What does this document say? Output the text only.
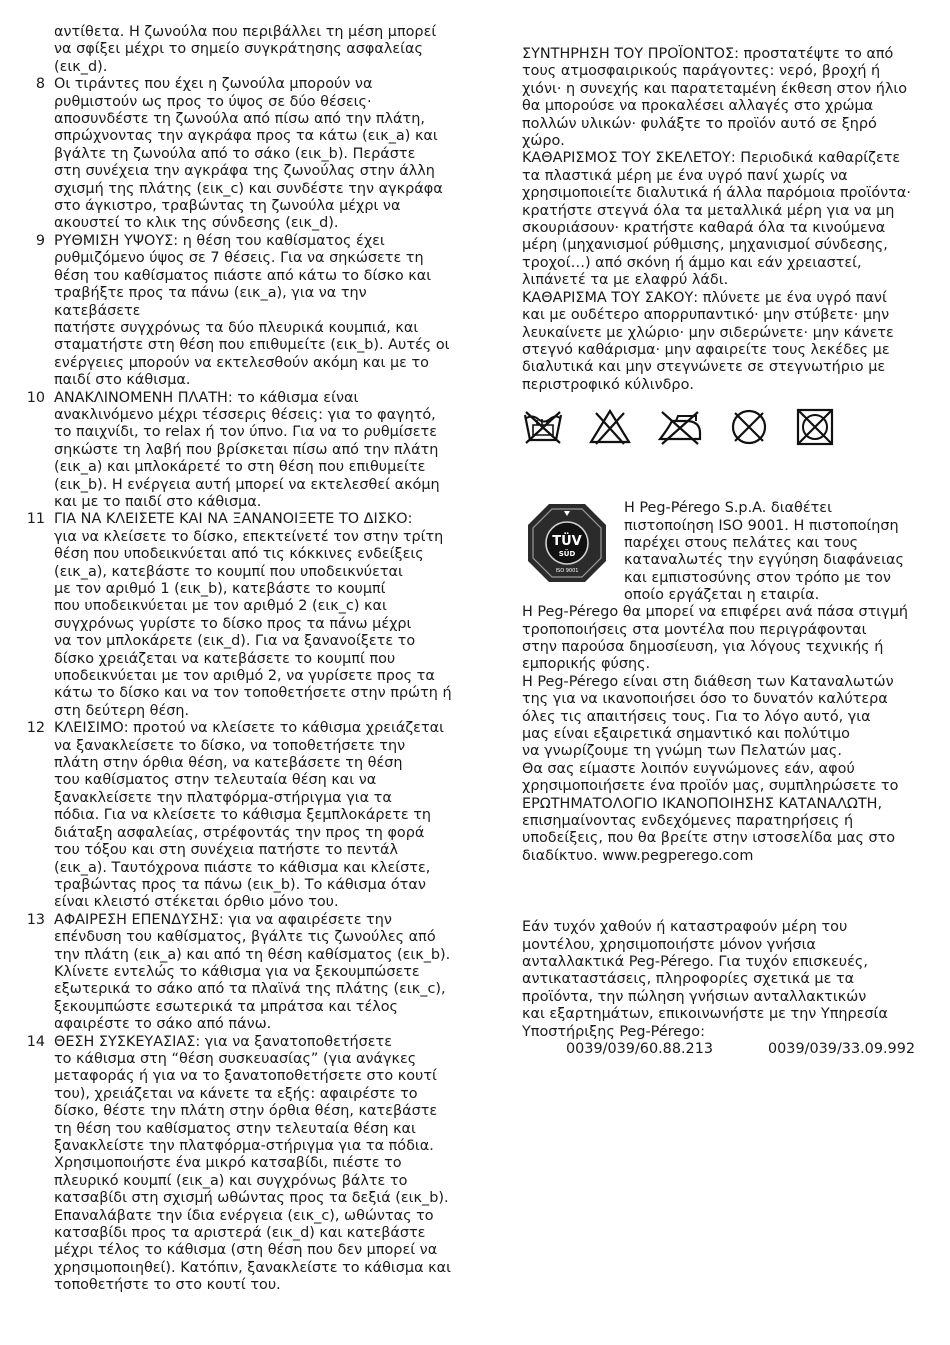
αντίθετα. Η ζωνούλα που περιβάλλει τη μέση μπορεί
να σφίξει μέχρι το σημείο συγκράτησης ασφαλείας
(εικ_d).
8 Οι τιράντες που έχει η ζωνούλα μπορούν να
ρυθμιστούν ως προς το ύψος σε δύο θέσεις·
αποσυνδέστε τη ζωνούλα από πίσω από την πλάτη,
σπρώχνοντας την αγκράφα προς τα κάτω (εικ_a) και
βγάλτε τη ζωνούλα από το σάκο (εικ_b). Περάστε
στη συνέχεια την αγκράφα της ζωνούλας στην άλλη
σχισμή της πλάτης (εικ_c) και συνδέστε την αγκράφα
στο άγκιστρο, τραβώντας τη ζωνούλα μέχρι να
ακουστεί το κλικ της σύνδεσης (εικ_d).
9 ΡΥΘΜΙΣΗ ΥΨΟΥΣ: η θέση του καθίσματος έχει
ρυθμιζόμενο ύψος σε 7 θέσεις. Για να σηκώσετε τη
θέση του καθίσματος πιάστε από κάτω το δίσκο και
τραβήξτε προς τα πάνω (εικ_a), για να την κατεβάσετε
πατήστε συγχρόνως τα δύο πλευρικά κουμπιά, και
σταματήστε στη θέση που επιθυμείτε (εικ_b). Αυτές οι
ενέργειες μπορούν να εκτελεσθούν ακόμη και με το
παιδί στο κάθισμα.
10 ΑΝΑΚΛΙΝΟΜΕΝΗ ΠΛΑΤΗ: το κάθισμα είναι
ανακλινόμενο μέχρι τέσσερις θέσεις: για το φαγητό,
το παιχνίδι, το relax ή τον ύπνο. Για να το ρυθμίσετε
σηκώστε τη λαβή που βρίσκεται πίσω από την πλάτη
(εικ_a) και μπλοκάρετέ το στη θέση που επιθυμείτε
(εικ_b). Η ενέργεια αυτή μπορεί να εκτελεσθεί ακόμη
και με το παιδί στο κάθισμα.
11 ΓΙΑ ΝΑ ΚΛΕΙΣΕΤΕ ΚΑΙ ΝΑ ΞΑΝΑΝΟΙΞΕΤΕ ΤΟ ΔΙΣΚΟ:
για να κλείσετε το δίσκο, επεκτείνετέ τον στην τρίτη
θέση που υποδεικνύεται από τις κόκκινες ενδείξεις
(εικ_a), κατεβάστε το κουμπί που υποδεικνύεται
με τον αριθμό 1 (εικ_b), κατεβάστε το κουμπί
που υποδεικνύεται με τον αριθμό 2 (εικ_c) και
συγχρόνως γυρίστε το δίσκο προς τα πάνω μέχρι
να τον μπλοκάρετε (εικ_d). Για να ξανανοίξετε το
δίσκο χρειάζεται να κατεβάσετε το κουμπί που
υποδεικνύεται με τον αριθμό 2, να γυρίσετε προς τα
κάτω το δίσκο και να τον τοποθετήσετε στην πρώτη ή
στη δεύτερη θέση.
12 ΚΛΕΙΣΙΜΟ: προτού να κλείσετε το κάθισμα χρειάζεται
να ξανακλείσετε το δίσκο, να τοποθετήσετε την
πλάτη στην όρθια θέση, να κατεβάσετε τη θέση
του καθίσματος στην τελευταία θέση και να
ξανακλείσετε την πλατφόρμα-στήριγμα για τα
πόδια. Για να κλείσετε το κάθισμα ξεμπλοκάρετε τη
διάταξη ασφαλείας, στρέφοντάς την προς τη φορά
του τόξου και στη συνέχεια πατήστε το πεντάλ
(εικ_a). Ταυτόχρονα πιάστε το κάθισμα και κλείστε,
τραβώντας προς τα πάνω (εικ_b). Το κάθισμα όταν
είναι κλειστό στέκεται όρθιο μόνο του.
13 ΑΦΑΙΡΕΣΗ ΕΠΕΝΔΥΣΗΣ: για να αφαιρέσετε την
επένδυση του καθίσματος, βγάλτε τις ζωνούλες από
την πλάτη (εικ_a) και από τη θέση καθίσματος (εικ_b).
Κλίνετε εντελώς το κάθισμα για να ξεκουμπώσετε
εξωτερικά το σάκο από τα πλαϊνά της πλάτης (εικ_c),
ξεκουμπώστε εσωτερικά τα μπράτσα και τέλος
αφαιρέστε το σάκο από πάνω.
14 ΘΕΣΗ ΣΥΣΚΕΥΑΣΙΑΣ: για να ξανατοποθετήσετε
το κάθισμα στη “θέση συσκευασίας” (για ανάγκες
μεταφοράς ή για να το ξανατοποθετήσετε στο κουτί
του), χρειάζεται να κάνετε τα εξής: αφαιρέστε το
δίσκο, θέστε την πλάτη στην όρθια θέση, κατεβάστε
τη θέση του καθίσματος στην τελευταία θέση και
ξανακλείστε την πλατφόρμα-στήριγμα για τα πόδια.
Χρησιμοποιήστε ένα μικρό κατσαβίδι, πιέστε το
πλευρικό κουμπί (εικ_a) και συγχρόνως βάλτε το
κατσαβίδι στη σχισμή ωθώντας προς τα δεξιά (εικ_b).
Επαναλάβατε την ίδια ενέργεια (εικ_c), ωθώντας το
κατσαβίδι προς τα αριστερά (εικ_d) και κατεβάστε
μέχρι τέλος το κάθισμα (στη θέση που δεν μπορεί να
χρησιμοποιηθεί). Κατόπιν, ξανακλείστε το κάθισμα και
τοποθετήστε το στο κουτί του.
ΣΥΝΤΗΡΗΣΗ ΤΟΥ ΠΡΟΪΟΝΤΟΣ: προστατέψτε το από
τους ατμοσφαιρικούς παράγοντες: νερό, βροχή ή
χιόνι· η συνεχής και παρατεταμένη έκθεση στον ήλιο
θα μπορούσε να προκαλέσει αλλαγές στο χρώμα
πολλών υλικών· φυλάξτε το προϊόν αυτό σε ξηρό
χώρο.
ΚΑΘΑΡΙΣΜΟΣ ΤΟΥ ΣΚΕΛΕΤΟΥ: Περιοδικά καθαρίζετε
τα πλαστικά μέρη με ένα υγρό πανί χωρίς να
χρησιμοποιείτε διαλυτικά ή άλλα παρόμοια προϊόντα·
κρατήστε στεγνά όλα τα μεταλλικά μέρη για να μη
σκουριάσουν· κρατήστε καθαρά όλα τα κινούμενα
μέρη (μηχανισμοί ρύθμισης, μηχανισμοί σύνδεσης,
τροχοί…) από σκόνη ή άμμο και εάν χρειαστεί,
λιπάνετέ τα με ελαφρύ λάδι.
ΚΑΘΑΡΙΣΜΑ ΤΟΥ ΣΑΚΟΥ: πλύνετε με ένα υγρό πανί
και με ουδέτερο απορρυπαντικό· μην στύβετε· μην
λευκαίνετε με χλώριο· μην σιδερώνετε· μην κάνετε
στεγνό καθάρισμα· μην αφαιρείτε τους λεκέδες με
διαλυτικά και μην στεγνώνετε σε στεγνωτήριο με
περιστροφικό κύλινδρο.
TÜV
SÜD
ISO 9001
Η Peg-Pérego S.p.A. διαθέτει
πιστοποίηση ISO 9001. Η πιστοποίηση
παρέχει στους πελάτες και τους
καταναλωτές την εγγύηση διαφάνειας
και εμπιστοσύνης στον τρόπο με τον
οποίο εργάζεται η εταιρία.
Η Peg-Pérego θα μπορεί να επιφέρει ανά πάσα στιγμή
τροποποιήσεις στα μοντέλα που περιγράφονται
στην παρούσα δημοσίευση, για λόγους τεχνικής ή
εμπορικής φύσης.
Η Peg-Pérego είναι στη διάθεση των Καταναλωτών
της για να ικανοποιήσει όσο το δυνατόν καλύτερα
όλες τις απαιτήσεις τους. Για το λόγο αυτό, για
μας είναι εξαιρετικά σημαντικό και πολύτιμο
να γνωρίζουμε τη γνώμη των Πελατών μας.
Θα σας είμαστε λοιπόν ευγνώμονες εάν, αφού
χρησιμοποιήσετε ένα προϊόν μας, συμπληρώσετε το
ΕΡΩΤΗΜΑΤΟΛΟΓΙΟ ΙΚΑΝΟΠΟΙΗΣΗΣ ΚΑΤΑΝΑΛΩΤΗ,
επισημαίνοντας ενδεχόμενες παρατηρήσεις ή
υποδείξεις, που θα βρείτε στην ιστοσελίδα μας στο
διαδίκτυο. www.pegperego.com
Εάν τυχόν χαθούν ή καταστραφούν μέρη του
μοντέλου, χρησιμοποιήστε μόνον γνήσια
ανταλλακτικά Peg-Pérego. Για τυχόν επισκευές,
αντικαταστάσεις, πληροφορίες σχετικά με τα
προϊόντα, την πώληση γνήσιων ανταλλακτικών
και εξαρτημάτων, επικοινωνήστε με την Υπηρεσία
Υποστήριξης Peg-Pérego:
0039/039/60.88.213	0039/039/33.09.992
